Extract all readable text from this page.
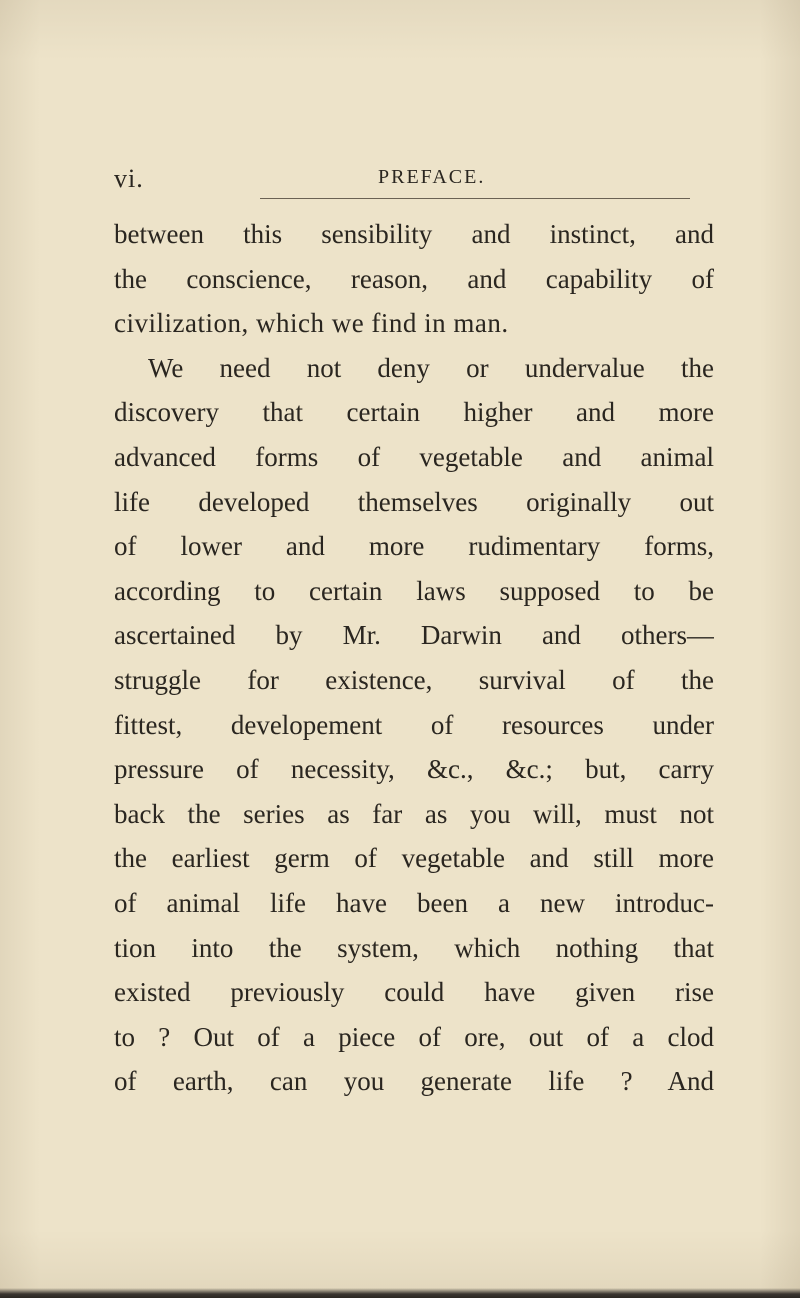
vi.	PREFACE.
between this sensibility and instinct, and
the conscience, reason, and capability of
civilization, which we find in man.
We need not deny or undervalue the
discovery that certain higher and more
advanced forms of vegetable and animal
life developed themselves originally out
of lower and more rudimentary forms,
according to certain laws supposed to be
ascertained by Mr. Darwin and others—
struggle for existence, survival of the
fittest, developement of resources under
pressure of necessity, &c., &c.; but, carry
back the series as far as you will, must not
the earliest germ of vegetable and still more
of animal life have been a new introduc-
tion into the system, which nothing that
existed previously could have given rise
to ? Out of a piece of ore, out of a clod
of earth, can you generate life ? And
